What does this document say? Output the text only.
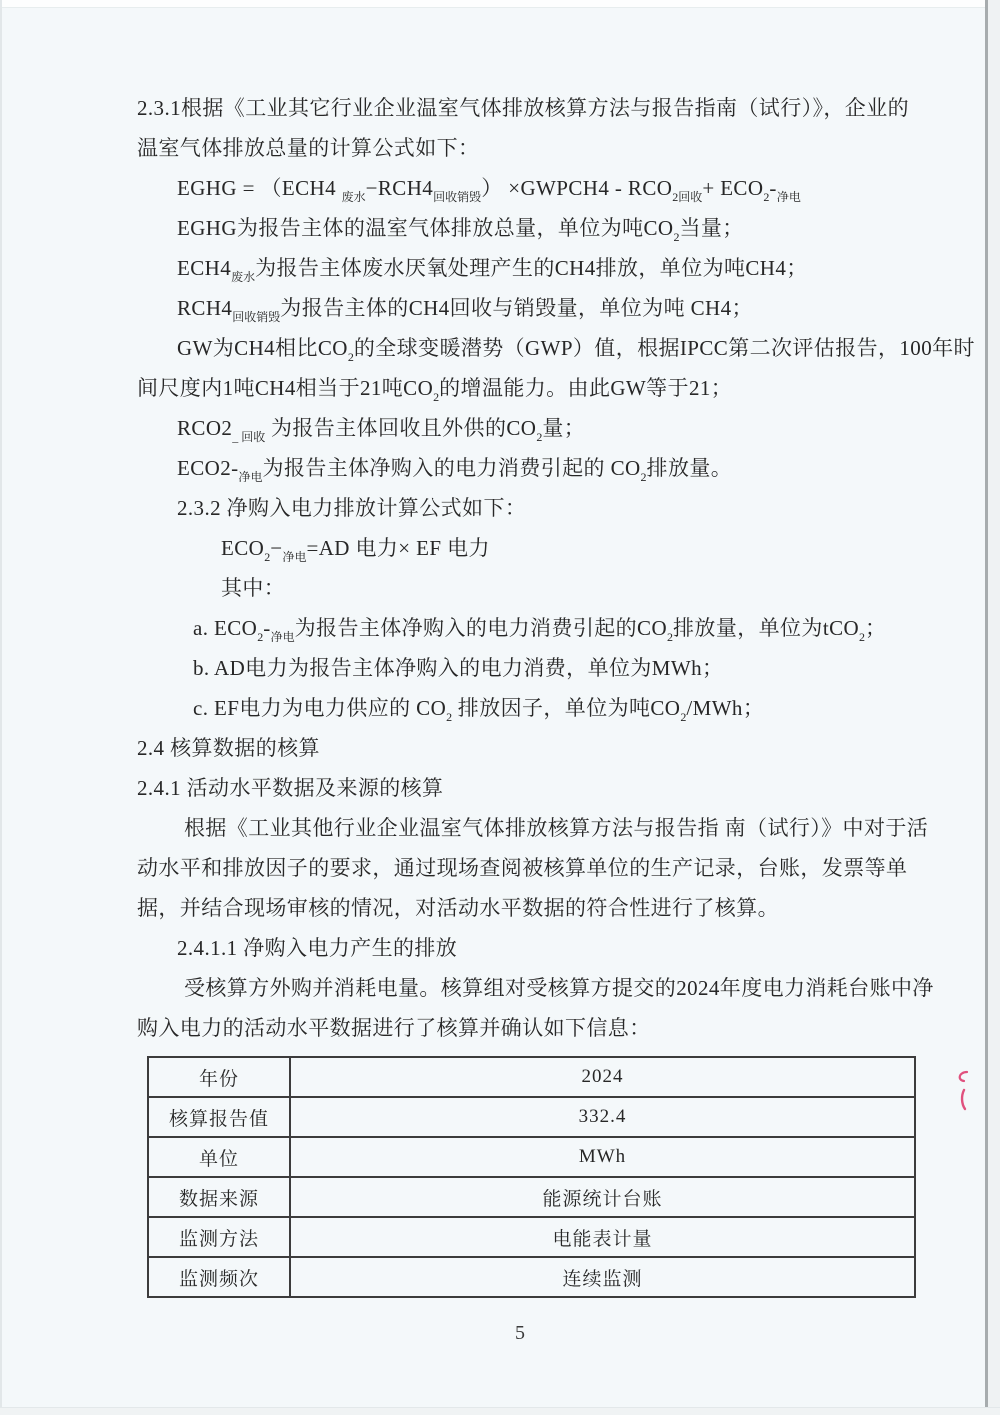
2.3.1根据《工业其它行业企业温室气体排放核算方法与报告指南（试行）》，企业的
温室气体排放总量的计算公式如下：
EGHG = （ECH4 $_{废水}-RCH4_{回收销毁}$） ×GWPCH4 - $RCO_{2回收}+ ECO_2-_{净电}$
EGHG为报告主体的温室气体排放总量，单位为吨$CO_2$当量；
$ECH4_{废水}$为报告主体废水厌氧处理产生的CH4排放，单位为吨CH4；
$RCH4_{回收销毁}$为报告主体的CH4回收与销毁量，单位为吨 CH4；
GW为CH4相比$CO_2$的全球变暖潜势（GWP）值，根据IPCC第二次评估报告，100年时
间尺度内1吨CH4相当于21吨$CO_2$的增温能力。由此GW等于21；
$RCO2_{\_ 回收}$ 为报告主体回收且外供的$CO_2$量；
$ECO2-_{净电}$为报告主体净购入的电力消费引起的 $CO_2$排放量。
2.3.2 净购入电力排放计算公式如下：
$ECO_2-_{净电}=AD$ 电力× EF 电力
其中：
a. $ECO_2-_{净电}$为报告主体净购入的电力消费引起的$CO_2$排放量，单位为tCO$_2$；
b. AD电力为报告主体净购入的电力消费，单位为MWh；
c. EF电力为电力供应的 $CO_2$ 排放因子，单位为吨$CO_2$/MWh；
2.4 核算数据的核算
2.4.1 活动水平数据及来源的核算
根据《工业其他行业企业温室气体排放核算方法与报告指 南（试行）》中对于活
动水平和排放因子的要求，通过现场查阅被核算单位的生产记录，台账，发票等单
据，并结合现场审核的情况，对活动水平数据的符合性进行了核算。
2.4.1.1 净购入电力产生的排放
受核算方外购并消耗电量。核算组对受核算方提交的2024年度电力消耗台账中净
购入电力的活动水平数据进行了核算并确认如下信息：
年份	2024
核算报告值	332.4
单位	MWh
数据来源	能源统计台账
监测方法	电能表计量
监测频次	连续监测
5
